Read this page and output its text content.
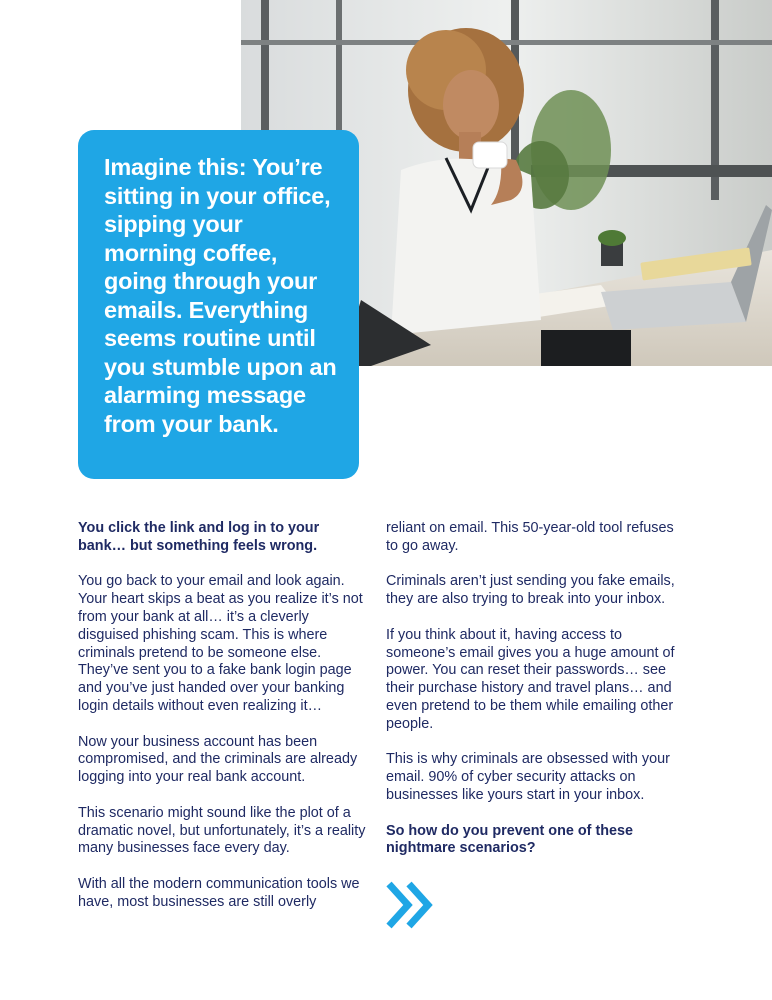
Imagine this: You’re sitting in your office, sipping your morning coffee, going through your emails. Everything seems routine until you stumble upon an alarming message from your bank.

You click the link and log in to your bank… but something feels wrong.

You go back to your email and look again. Your heart skips a beat as you realize it’s not from your bank at all… it’s a cleverly disguised phishing scam. This is where criminals pretend to be someone else. They’ve sent you to a fake bank login page and you’ve just handed over your banking login details without even realizing it…

Now your business account has been compromised, and the criminals are already logging into your real bank account.

This scenario might sound like the plot of a dramatic novel, but unfortunately, it’s a reality many businesses face every day.

With all the modern communication tools we have, most businesses are still overly

reliant on email. This 50-year-old tool refuses to go away.

Criminals aren’t just sending you fake emails, they are also trying to break into your inbox.

If you think about it, having access to someone’s email gives you a huge amount of power. You can reset their passwords… see their purchase history and travel plans… and even pretend to be them while emailing other people.

This is why criminals are obsessed with your email. 90% of cyber security attacks on businesses like yours start in your inbox.

So how do you prevent one of these nightmare scenarios?
